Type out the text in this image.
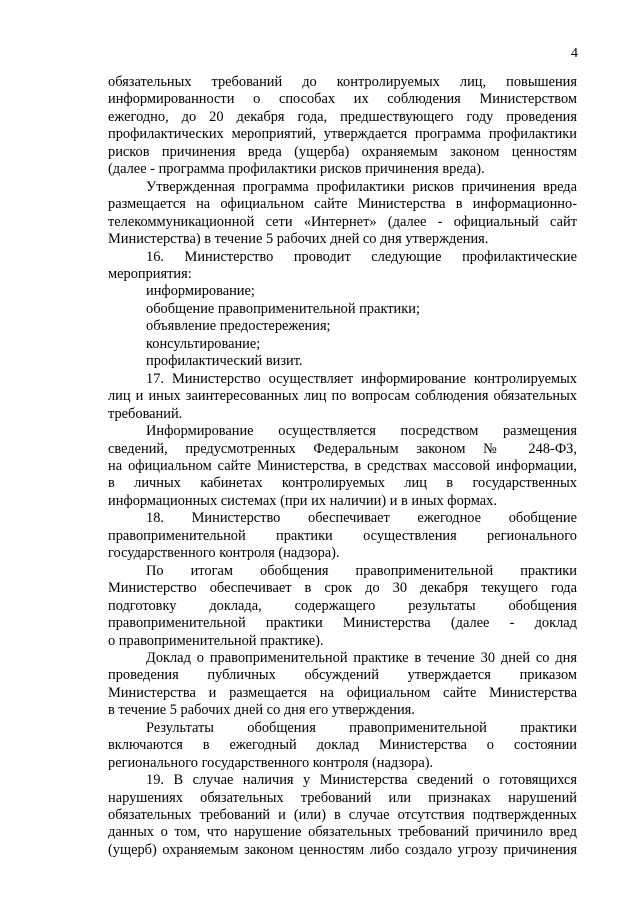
4
обязательных требований до контролируемых лиц, повышения
информированности о способах их соблюдения Министерством
ежегодно, до 20 декабря года, предшествующего году проведения
профилактических мероприятий, утверждается программа профилактики
рисков причинения вреда (ущерба) охраняемым законом ценностям
(далее - программа профилактики рисков причинения вреда).
Утвержденная программа профилактики рисков причинения вреда
размещается на официальном сайте Министерства в информационно-
телекоммуникационной сети «Интернет» (далее - официальный сайт
Министерства) в течение 5 рабочих дней со дня утверждения.
16. Министерство проводит следующие профилактические
мероприятия:
информирование;
обобщение правоприменительной практики;
объявление предостережения;
консультирование;
профилактический визит.
17. Министерство осуществляет информирование контролируемых
лиц и иных заинтересованных лиц по вопросам соблюдения обязательных
требований.
Информирование осуществляется посредством размещения
сведений, предусмотренных Федеральным законом № 248-ФЗ,
на официальном сайте Министерства, в средствах массовой информации,
в личных кабинетах контролируемых лиц в государственных
информационных системах (при их наличии) и в иных формах.
18. Министерство обеспечивает ежегодное обобщение
правоприменительной практики осуществления регионального
государственного контроля (надзора).
По итогам обобщения правоприменительной практики
Министерство обеспечивает в срок до 30 декабря текущего года
подготовку доклада, содержащего результаты обобщения
правоприменительной практики Министерства (далее - доклад
о правоприменительной практике).
Доклад о правоприменительной практике в течение 30 дней со дня
проведения публичных обсуждений утверждается приказом
Министерства и размещается на официальном сайте Министерства
в течение 5 рабочих дней со дня его утверждения.
Результаты обобщения правоприменительной практики
включаются в ежегодный доклад Министерства о состоянии
регионального государственного контроля (надзора).
19. В случае наличия у Министерства сведений о готовящихся
нарушениях обязательных требований или признаках нарушений
обязательных требований и (или) в случае отсутствия подтвержденных
данных о том, что нарушение обязательных требований причинило вред
(ущерб) охраняемым законом ценностям либо создало угрозу причинения
